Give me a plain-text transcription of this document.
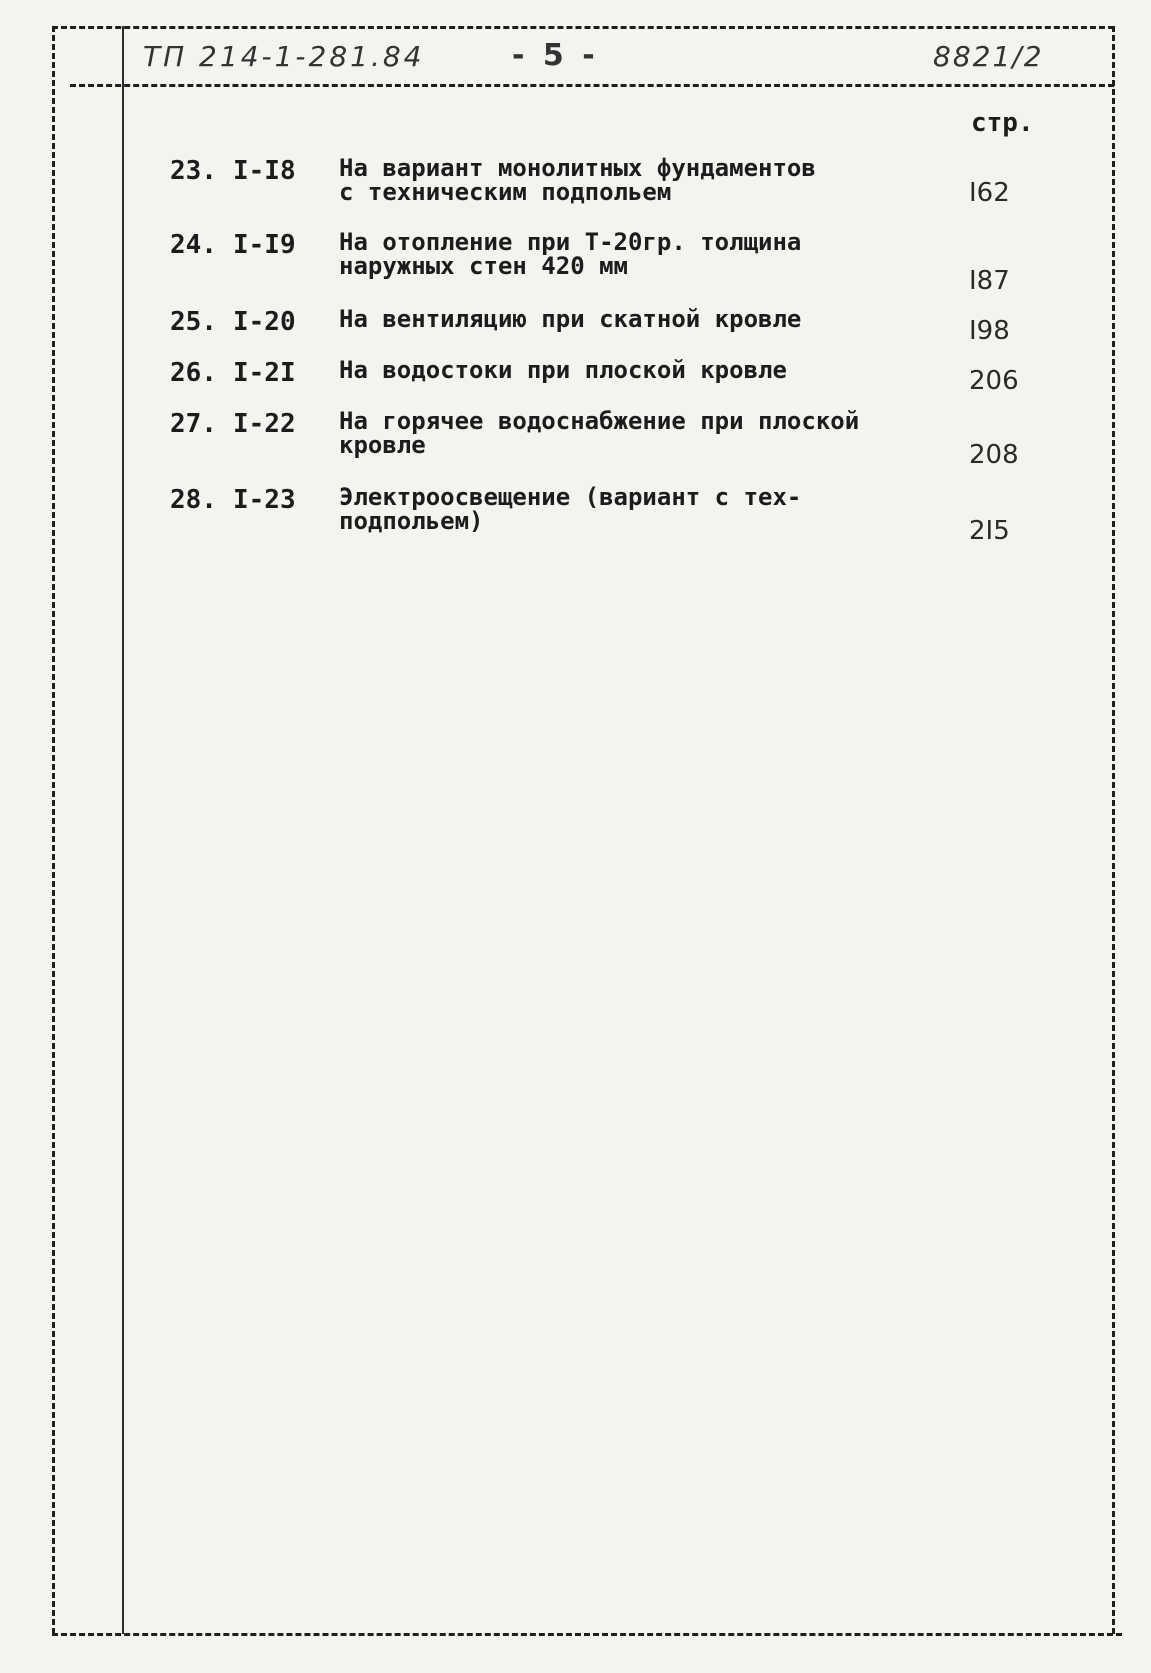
ТП 214-1-281.84	- 5 -	8821/2
стр.
23. I-I8 На вариант монолитных фундаментов
с техническим подпольем	I62
24. I-I9 На отопление при Т-20гр. толщина
наружных стен 420 мм	I87
25. I-20 На вентиляцию при скатной кровле	I98
26. I-2I На водостоки при плоской кровле	206
27. I-22 На горячее водоснабжение при плоской
кровле	208
28. I-23 Электроосвещение (вариант с тех-
подпольем)	2I5
